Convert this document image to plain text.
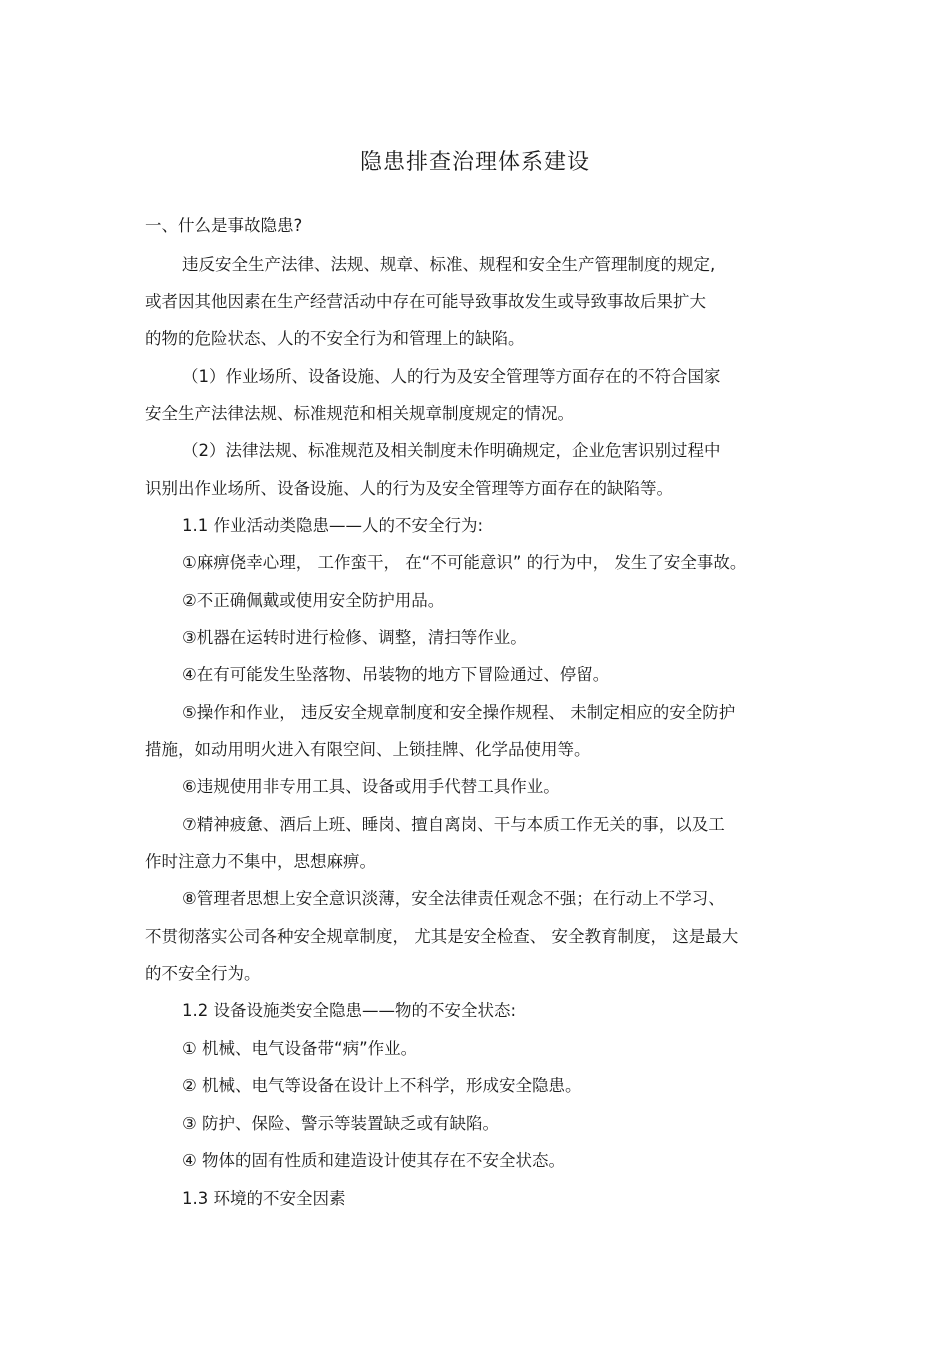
隐患排查治理体系建设
一、什么是事故隐患?
违反安全生产法律、法规、规章、标准、规程和安全生产管理制度的规定,
或者因其他因素在生产经营活动中存在可能导致事故发生或导致事故后果扩大
的物的危险状态、人的不安全行为和管理上的缺陷。
（1）作业场所、设备设施、人的行为及安全管理等方面存在的不符合国家
安全生产法律法规、标准规范和相关规章制度规定的情况。
（2）法律法规、标准规范及相关制度未作明确规定，企业危害识别过程中
识别出作业场所、设备设施、人的行为及安全管理等方面存在的缺陷等。
1.1 作业活动类隐患——人的不安全行为:
①麻痹侥幸心理， 工作蛮干， 在“不可能意识” 的行为中， 发生了安全事故。
②不正确佩戴或使用安全防护用品。
③机器在运转时进行检修、调整，清扫等作业。
④在有可能发生坠落物、吊装物的地方下冒险通过、停留。
⑤操作和作业， 违反安全规章制度和安全操作规程、 未制定相应的安全防护
措施，如动用明火进入有限空间、上锁挂牌、化学品使用等。
⑥违规使用非专用工具、设备或用手代替工具作业。
⑦精神疲惫、酒后上班、睡岗、擅自离岗、干与本质工作无关的事，以及工
作时注意力不集中，思想麻痹。
⑧管理者思想上安全意识淡薄，安全法律责任观念不强；在行动上不学习、
不贯彻落实公司各种安全规章制度， 尤其是安全检查、 安全教育制度， 这是最大
的不安全行为。
1.2 设备设施类安全隐患——物的不安全状态:
① 机械、电气设备带“病”作业。
② 机械、电气等设备在设计上不科学，形成安全隐患。
③ 防护、保险、警示等装置缺乏或有缺陷。
④ 物体的固有性质和建造设计使其存在不安全状态。
1.3 环境的不安全因素
